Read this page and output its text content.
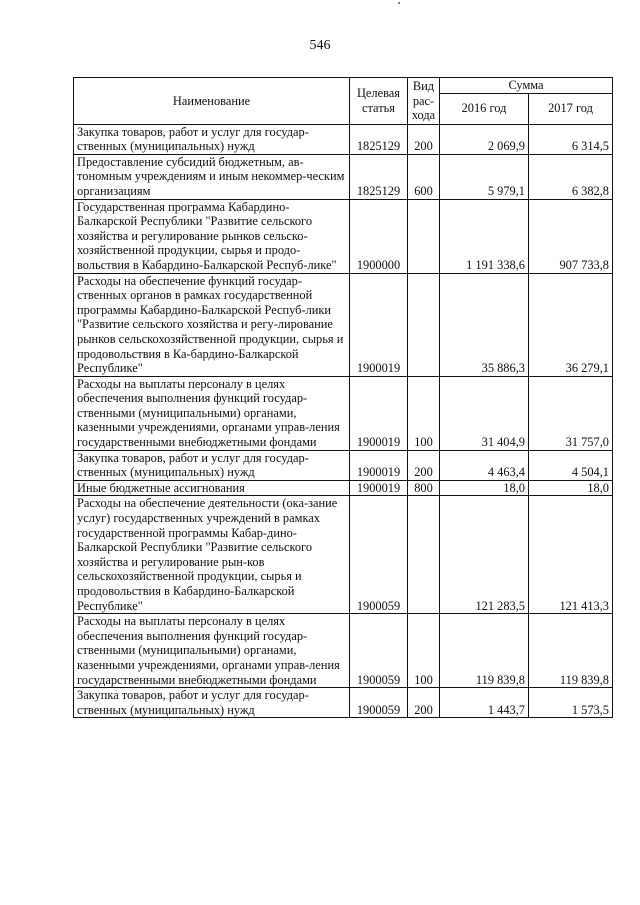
546
Наименование	Целевая статья	Вид рас-хода	Сумма	
			2016 год	2017 год
Закупка товаров, работ и услуг для государ-ственных (муниципальных) нужд	1825129	200	2 069,9	6 314,5
Предоставление субсидий бюджетным, ав-тономным учреждениям и иным некоммер-ческим организациям	1825129	600	5 979,1	6 382,8
Государственная программа Кабардино-Балкарской Республики "Развитие сельского хозяйства и регулирование рынков сельско-хозяйственной продукции, сырья и продо-вольствия в Кабардино-Балкарской Респуб-лике"	1900000		1 191 338,6	907 733,8
Расходы на обеспечение функций государ-ственных органов в рамках государственной программы Кабардино-Балкарской Респуб-лики "Развитие сельского хозяйства и регу-лирование рынков сельскохозяйственной продукции, сырья и продовольствия в Ка-бардино-Балкарской Республике"	1900019		35 886,3	36 279,1
Расходы на выплаты персоналу в целях обеспечения выполнения функций государ-ственными (муниципальными) органами, казенными учреждениями, органами управ-ления государственными внебюджетными фондами	1900019	100	31 404,9	31 757,0
Закупка товаров, работ и услуг для государ-ственных (муниципальных) нужд	1900019	200	4 463,4	4 504,1
Иные бюджетные ассигнования	1900019	800	18,0	18,0
Расходы на обеспечение деятельности (ока-зание услуг) государственных учреждений в рамках государственной программы Кабар-дино-Балкарской Республики "Развитие сельского хозяйства и регулирование рын-ков сельскохозяйственной продукции, сырья и продовольствия в Кабардино-Балкарской Республике"	1900059		121 283,5	121 413,3
Расходы на выплаты персоналу в целях обеспечения выполнения функций государ-ственными (муниципальными) органами, казенными учреждениями, органами управ-ления государственными внебюджетными фондами	1900059	100	119 839,8	119 839,8
Закупка товаров, работ и услуг для государ-ственных (муниципальных) нужд	1900059	200	1 443,7	1 573,5
